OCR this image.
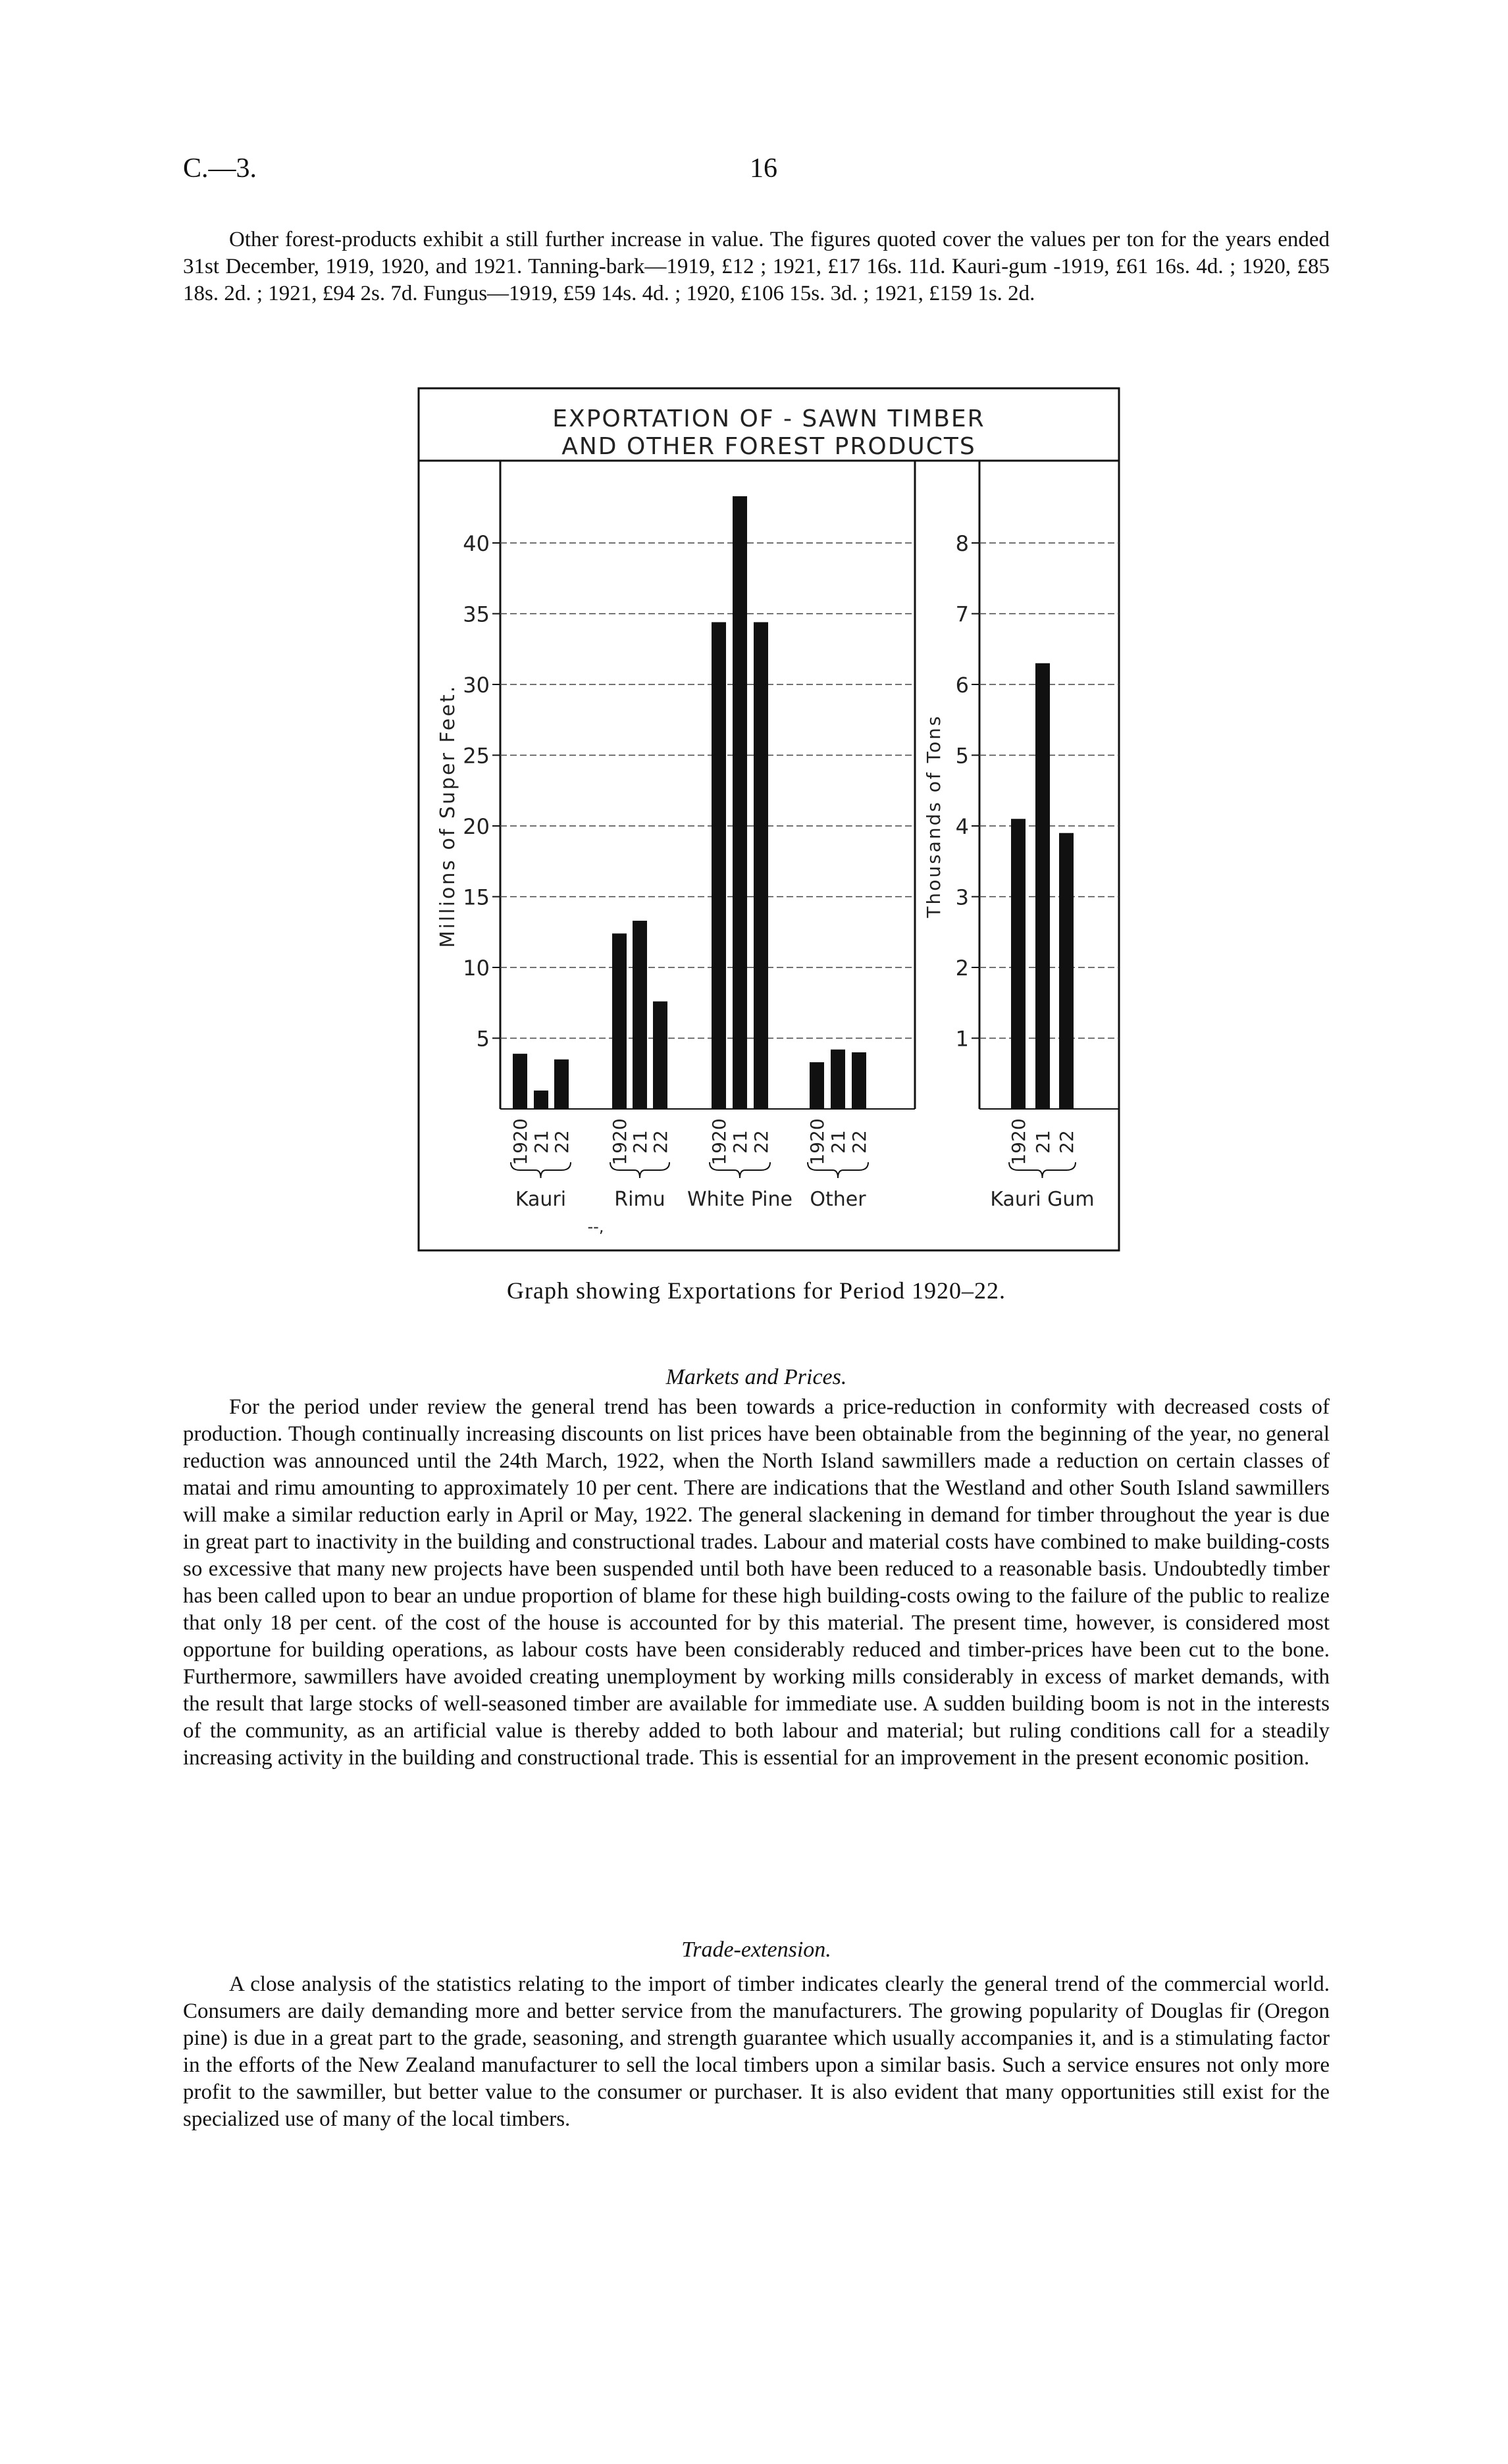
C.—3.	16

Other forest-products exhibit a still further increase in value. The figures quoted cover the values per ton for the years ended 31st December, 1919, 1920, and 1921. Tanning-bark—1919, £12 ; 1921, £17 16s. 11d. Kauri-gum -1919, £61 16s. 4d. ; 1920, £85 18s. 2d. ; 1921, £94 2s. 7d. Fungus—1919, £59 14s. 4d. ; 1920, £106 15s. 3d. ; 1921, £159 1s. 2d.

EXPORTATION OF - SAWN TIMBER
AND OTHER FOREST PRODUCTS
5
10
15
20
25
30
35
40
1
2
3
4
5
6
7
8
Millions of Super Feet.	Thousands of Tons
1920 21
22
Kauri
1920
21
22
Rimu
1920 21 22
White Pine
1920 21 22
Other
1920 21 22
Kauri Gum
--,

Graph showing Exportations for Period 1920–22.

Markets and Prices.

For the period under review the general trend has been towards a price-reduction in conformity with decreased costs of production. Though continually increasing discounts on list prices have been obtainable from the beginning of the year, no general reduction was announced until the 24th March, 1922, when the North Island sawmillers made a reduction on certain classes of matai and rimu amounting to approximately 10 per cent. There are indications that the Westland and other South Island sawmillers will make a similar reduction early in April or May, 1922. The general slackening in demand for timber throughout the year is due in great part to inactivity in the building and constructional trades. Labour and material costs have combined to make building-costs so excessive that many new projects have been suspended until both have been reduced to a reasonable basis. Undoubtedly timber has been called upon to bear an undue proportion of blame for these high building-costs owing to the failure of the public to realize that only 18 per cent. of the cost of the house is accounted for by this material. The present time, however, is considered most opportune for building operations, as labour costs have been considerably reduced and timber-prices have been cut to the bone. Furthermore, sawmillers have avoided creating unemployment by working mills considerably in excess of market demands, with the result that large stocks of well-seasoned timber are available for immediate use. A sudden building boom is not in the interests of the community, as an artificial value is thereby added to both labour and material; but ruling conditions call for a steadily increasing activity in the building and constructional trade. This is essential for an improvement in the present economic position.

Trade-extension.

A close analysis of the statistics relating to the import of timber indicates clearly the general trend of the commercial world. Consumers are daily demanding more and better service from the manufacturers. The growing popularity of Douglas fir (Oregon pine) is due in a great part to the grade, seasoning, and strength guarantee which usually accompanies it, and is a stimulating factor in the efforts of the New Zealand manufacturer to sell the local timbers upon a similar basis. Such a service ensures not only more profit to the sawmiller, but better value to the consumer or purchaser. It is also evident that many opportunities still exist for the specialized use of many of the local timbers.
